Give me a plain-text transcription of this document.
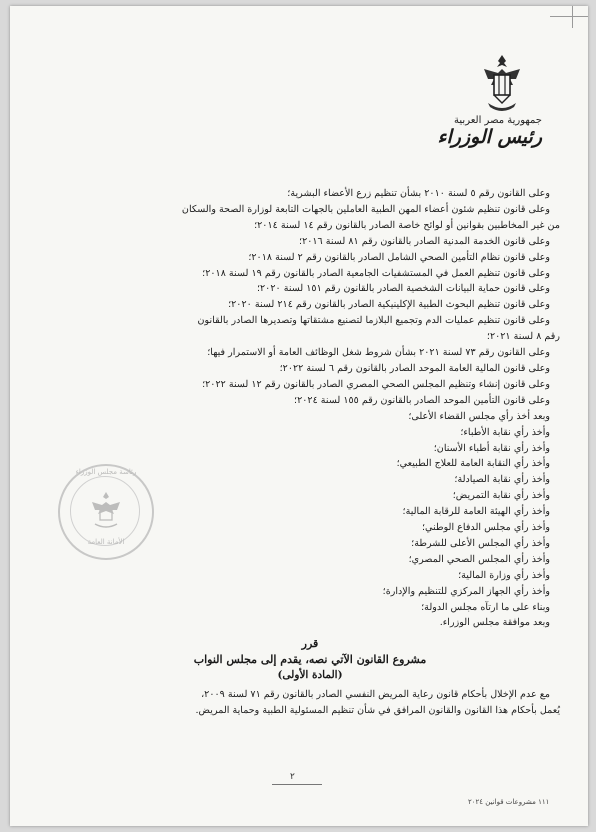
جمهورية مصر العربية
رئيس الوزراء
رئاسة مجلس الوزراء
الأمانة العامة
وعلى القانون رقم ٥ لسنة ٢٠١٠ بشأن تنظيم زرع الأعضاء البشرية؛
وعلى قانون تنظيم شئون أعضاء المهن الطبية العاملين بالجهات التابعة لوزارة الصحة والسكان
من غير المخاطبين بقوانين أو لوائح خاصة الصادر بالقانون رقم ١٤ لسنة ٢٠١٤؛
وعلى قانون الخدمة المدنية الصادر بالقانون رقم ٨١ لسنة ٢٠١٦؛
وعلى قانون نظام التأمين الصحي الشامل الصادر بالقانون رقم ٢ لسنة ٢٠١٨؛
وعلى قانون تنظيم العمل في المستشفيات الجامعية الصادر بالقانون رقم ١٩ لسنة ٢٠١٨؛
وعلى قانون حماية البيانات الشخصية الصادر بالقانون رقم ١٥١ لسنة ٢٠٢٠؛
وعلى قانون تنظيم البحوث الطبية الإكلينيكية الصادر بالقانون رقم ٢١٤ لسنة ٢٠٢٠؛
وعلى قانون تنظيم عمليات الدم وتجميع البلازما لتصنيع مشتقاتها وتصديرها الصادر بالقانون
رقم ٨ لسنة ٢٠٢١؛
وعلى القانون رقم ٧٣ لسنة ٢٠٢١ بشأن شروط شغل الوظائف العامة أو الاستمرار فيها؛
وعلى قانون المالية العامة الموحد الصادر بالقانون رقم ٦ لسنة ٢٠٢٢؛
وعلى قانون إنشاء وتنظيم المجلس الصحي المصري الصادر بالقانون رقم ١٢ لسنة ٢٠٢٢؛
وعلى قانون التأمين الموحد الصادر بالقانون رقم ١٥٥ لسنة ٢٠٢٤؛
وبعد أخذ رأي مجلس القضاء الأعلى؛
وأخذ رأي نقابة الأطباء؛
وأخذ رأي نقابة أطباء الأسنان؛
وأخذ رأي النقابة العامة للعلاج الطبيعي؛
وأخذ رأي نقابة الصيادلة؛
وأخذ رأي نقابة التمريض؛
وأخذ رأي الهيئة العامة للرقابة المالية؛
وأخذ رأي مجلس الدفاع الوطني؛
وأخذ رأي المجلس الأعلى للشرطة؛
وأخذ رأي المجلس الصحي المصري؛
وأخذ رأي وزارة المالية؛
وأخذ رأي الجهاز المركزي للتنظيم والإدارة؛
وبناء على ما ارتآه مجلس الدولة؛
وبعد موافقة مجلس الوزراء.
قرر
مشروع القانون الآتي نصه، يقدم إلى مجلس النواب
(المادة الأولى)
مع عدم الإخلال بأحكام قانون رعاية المريض النفسي الصادر بالقانون رقم ٧١ لسنة ٢٠٠٩،
يُعمل بأحكام هذا القانون والقانون المرافق في شأن تنظيم المسئولية الطبية وحماية المريض.
٢
١١١ مشروعات قوانين ٢٠٢٤
